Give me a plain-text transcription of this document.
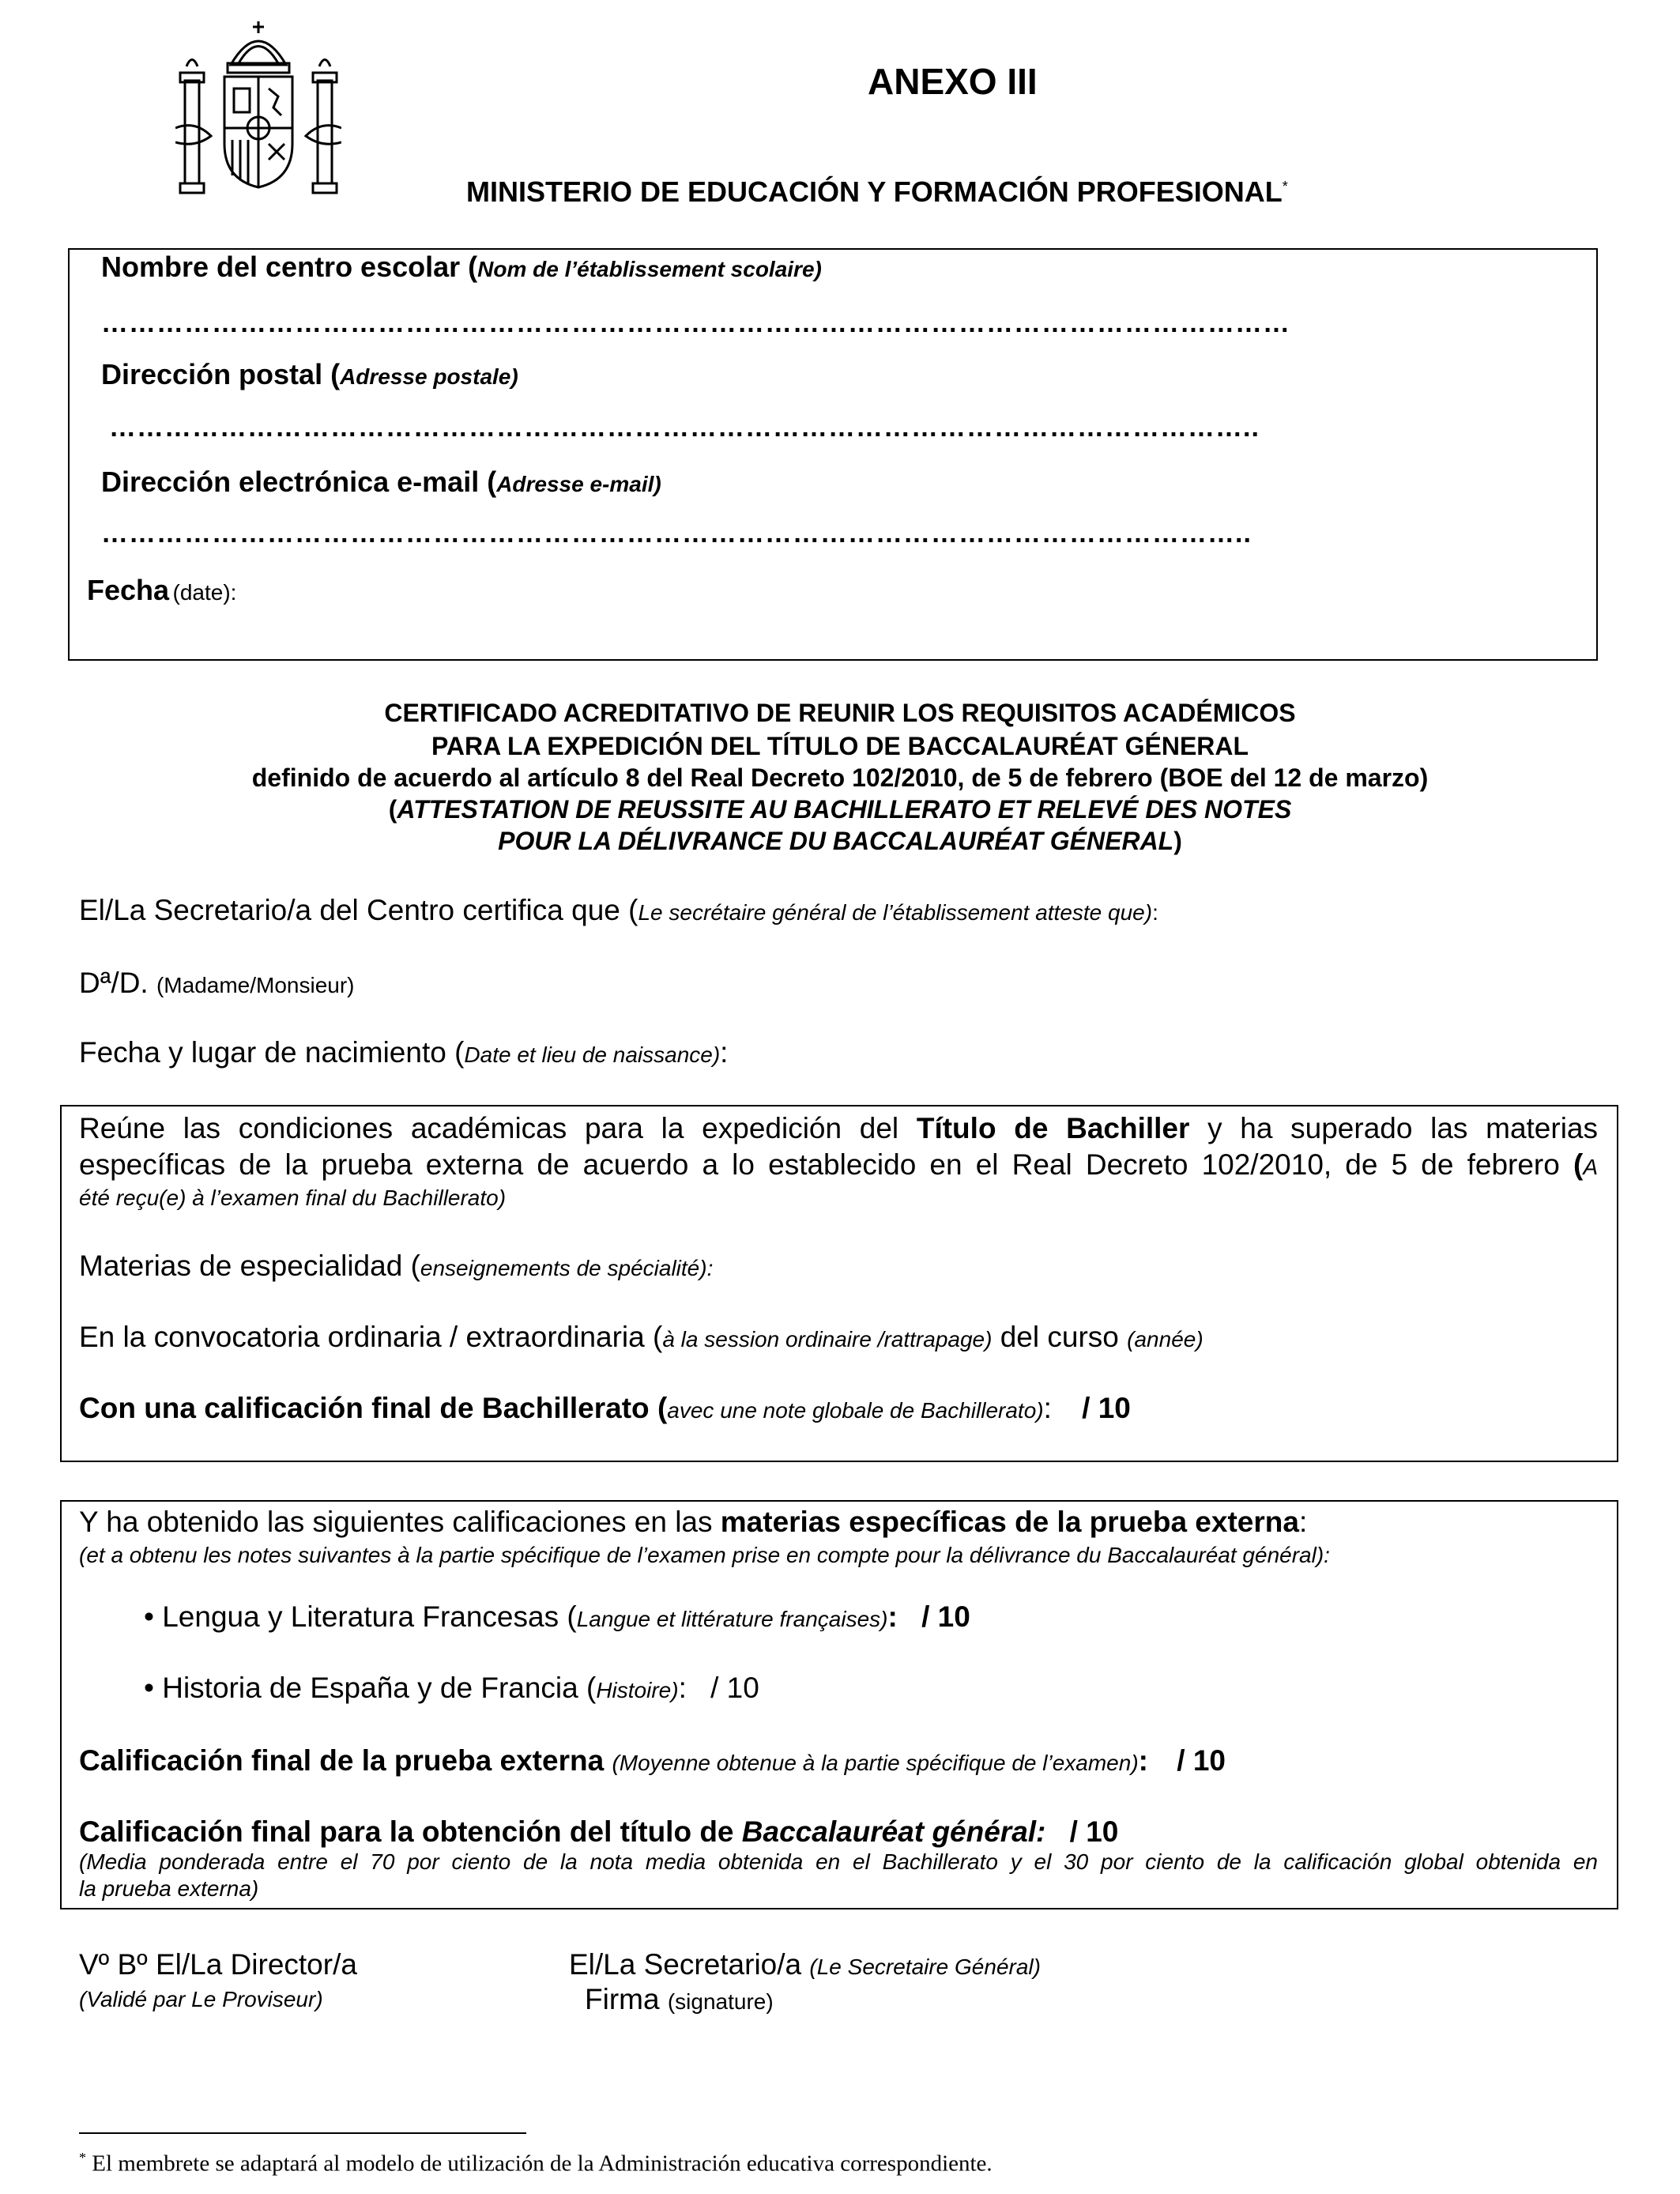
ANEXO III
MINISTERIO DE EDUCACIÓN Y FORMACIÓN PROFESIONAL*
Nombre del centro escolar (Nom de l’établissement scolaire)
…………………………………………………………………………………………………………………
Dirección postal (Adresse postale)
……………………………………………………………………………………………………………..
Dirección electrónica e-mail (Adresse e-mail)
……………………………………………………………………………………………………………..
Fecha (date):
CERTIFICADO ACREDITATIVO DE REUNIR LOS REQUISITOS ACADÉMICOS
PARA LA EXPEDICIÓN DEL TÍTULO DE BACCALAURÉAT GÉNERAL
definido de acuerdo al artículo 8 del Real Decreto 102/2010, de 5 de febrero (BOE del 12 de marzo)
(ATTESTATION DE REUSSITE AU BACHILLERATO ET RELEVÉ DES NOTES
POUR LA DÉLIVRANCE DU BACCALAURÉAT GÉNERAL)
El/La Secretario/a del Centro certifica que (Le secrétaire général de l’établissement atteste que):
Dª/D. (Madame/Monsieur)
Fecha y lugar de nacimiento (Date et lieu de naissance):
Reúne las condiciones académicas para la expedición del Título de Bachiller y ha superado las materias
específicas de la prueba externa de acuerdo a lo establecido en el Real Decreto 102/2010, de 5 de febrero (A
été reçu(e) à l’examen final du Bachillerato)
Materias de especialidad (enseignements de spécialité):
En la convocatoria ordinaria / extraordinaria (à la session ordinaire /rattrapage) del curso (année)
Con una calificación final de Bachillerato (avec une note globale de Bachillerato): / 10
Y ha obtenido las siguientes calificaciones en las materias específicas de la prueba externa:
(et a obtenu les notes suivantes à la partie spécifique de l’examen prise en compte pour la délivrance du Baccalauréat général):
• Lengua y Literatura Francesas (Langue et littérature françaises): / 10
• Historia de España y de Francia (Histoire): / 10
Calificación final de la prueba externa (Moyenne obtenue à la partie spécifique de l’examen): / 10
Calificación final para la obtención del título de Baccalauréat général: / 10
(Media ponderada entre el 70 por ciento de la nota media obtenida en el Bachillerato y el 30 por ciento de la calificación global obtenida en
la prueba externa)
Vº Bº El/La Director/a
(Validé par Le Proviseur)
El/La Secretario/a (Le Secretaire Général)
Firma (signature)
* El membrete se adaptará al modelo de utilización de la Administración educativa correspondiente.
